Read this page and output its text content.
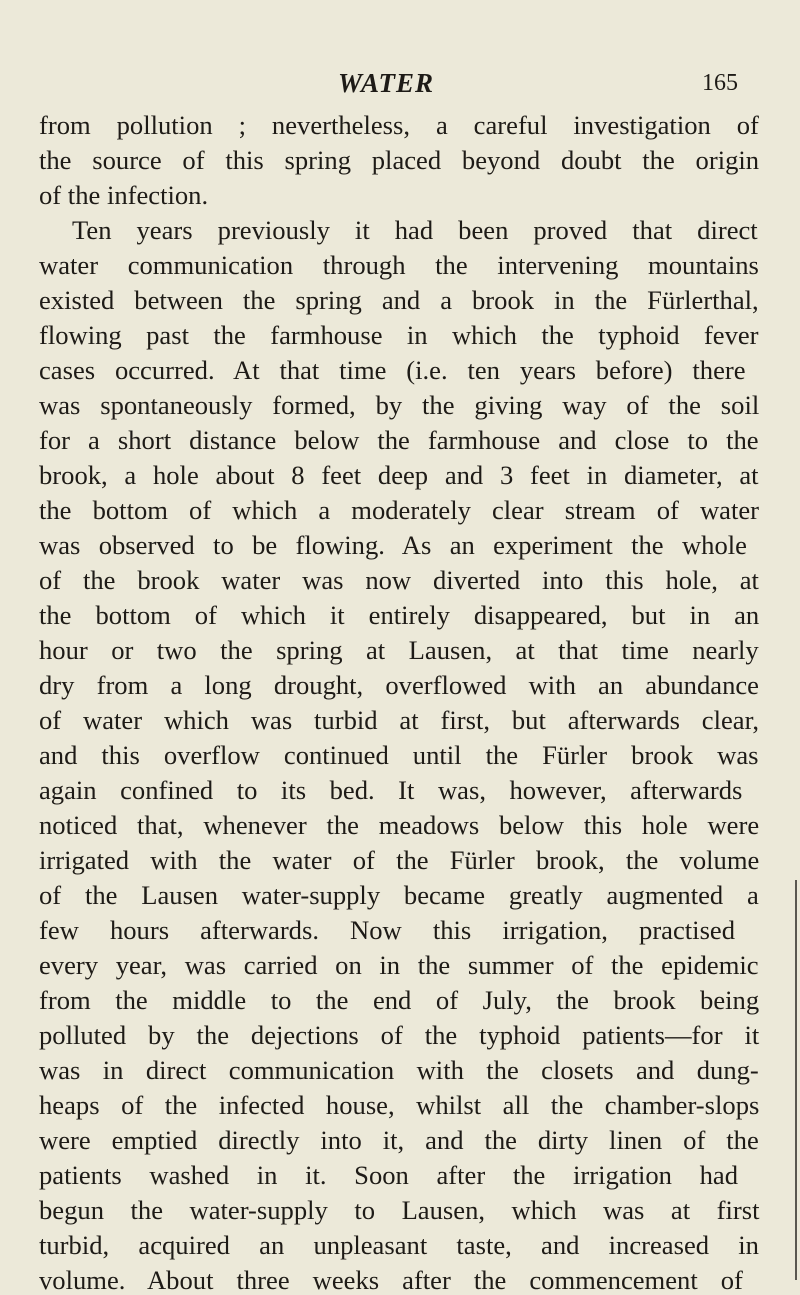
WATER	165
from pollution ; nevertheless, a careful investigation of
the source of this spring placed beyond doubt the origin
of the infection.
Ten years previously it had been proved that direct
water communication through the intervening mountains
existed between the spring and a brook in the Fürlerthal,
flowing past the farmhouse in which the typhoid fever
cases occurred. At that time (i.e. ten years before) there
was spontaneously formed, by the giving way of the soil
for a short distance below the farmhouse and close to the
brook, a hole about 8 feet deep and 3 feet in diameter, at
the bottom of which a moderately clear stream of water
was observed to be flowing. As an experiment the whole
of the brook water was now diverted into this hole, at
the bottom of which it entirely disappeared, but in an
hour or two the spring at Lausen, at that time nearly
dry from a long drought, overflowed with an abundance
of water which was turbid at first, but afterwards clear,
and this overflow continued until the Fürler brook was
again confined to its bed. It was, however, afterwards
noticed that, whenever the meadows below this hole were
irrigated with the water of the Fürler brook, the volume
of the Lausen water-supply became greatly augmented a
few hours afterwards. Now this irrigation, practised
every year, was carried on in the summer of the epidemic
from the middle to the end of July, the brook being
polluted by the dejections of the typhoid patients—for it
was in direct communication with the closets and dung-
heaps of the infected house, whilst all the chamber-slops
were emptied directly into it, and the dirty linen of the
patients washed in it. Soon after the irrigation had
begun the water-supply to Lausen, which was at first
turbid, acquired an unpleasant taste, and increased in
volume. About three weeks after the commencement of
